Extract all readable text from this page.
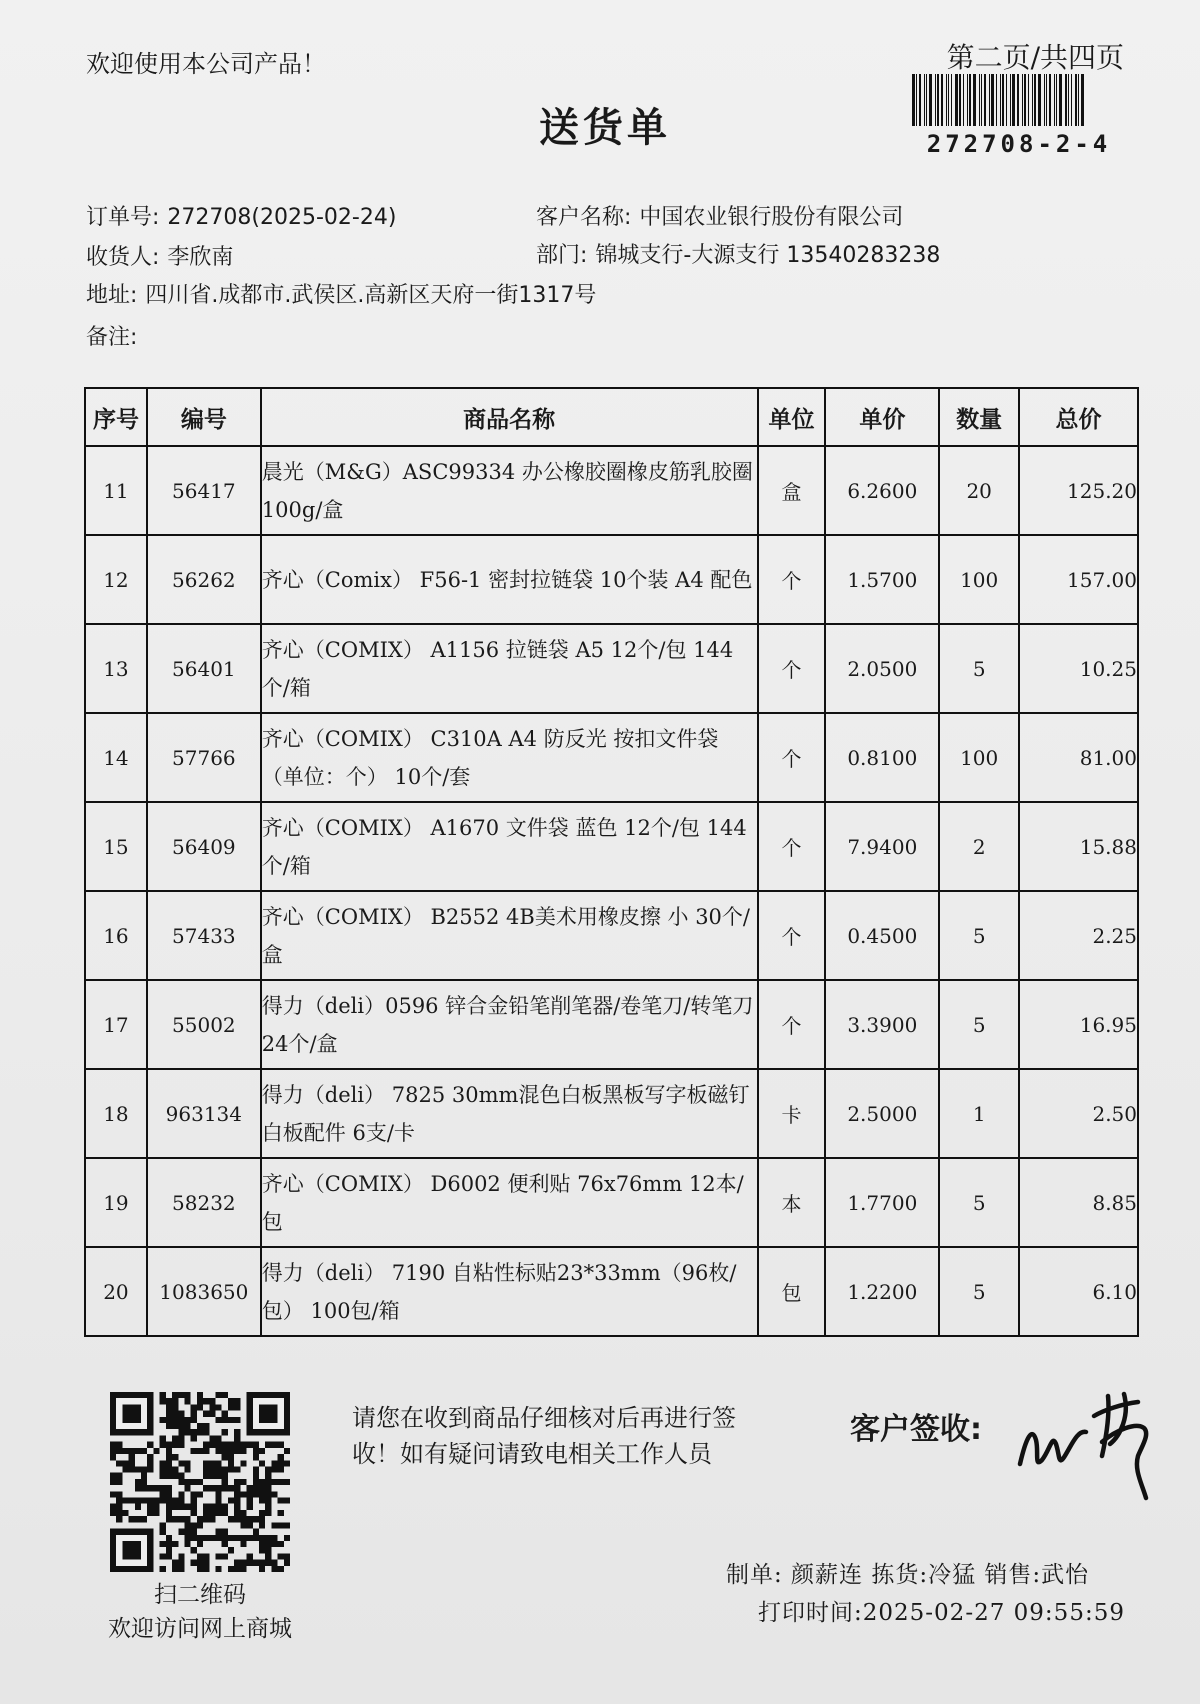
欢迎使用本公司产品！	第二页/共四页
送货单	272708-2-4
订单号: 272708(2025-02-24)	客户名称: 中国农业银行股份有限公司
收货人: 李欣南	部门: 锦城支行-大源支行 13540283238
地址: 四川省.成都市.武侯区.高新区天府一街1317号
备注:
序号	编号	商品名称	单位	单价	数量	总价
11	56417	晨光（M&G）ASC99334 办公橡胶圈橡皮筋乳胶圈100g/盒	盒	6.2600	20	125.20
12	56262	齐心（Comix） F56-1 密封拉链袋 10个装 A4 配色	个	1.5700	100	157.00
13	56401	齐心（COMIX） A1156 拉链袋 A5 12个/包 144个/箱	个	2.0500	5	10.25
14	57766	齐心（COMIX） C310A A4 防反光 按扣文件袋（单位：个） 10个/套	个	0.8100	100	81.00
15	56409	齐心（COMIX） A1670 文件袋 蓝色 12个/包 144个/箱	个	7.9400	2	15.88
16	57433	齐心（COMIX） B2552 4B美术用橡皮擦 小 30个/盒	个	0.4500	5	2.25
17	55002	得力（deli）0596 锌合金铅笔削笔器/卷笔刀/转笔刀 24个/盒	个	3.3900	5	16.95
18	963134	得力（deli） 7825 30mm混色白板黑板写字板磁钉白板配件 6支/卡	卡	2.5000	1	2.50
19	58232	齐心（COMIX） D6002 便利贴 76x76mm 12本/包	本	1.7700	5	8.85
20	1083650	得力（deli） 7190 自粘性标贴23*33mm（96枚/包） 100包/箱	包	1.2200	5	6.10
扫二维码
欢迎访问网上商城
请您在收到商品仔细核对后再进行签
收！如有疑问请致电相关工作人员
客户签收:
制单: 颜薪连 拣货:冷猛 销售:武怡
打印时间:2025-02-27 09:55:59
